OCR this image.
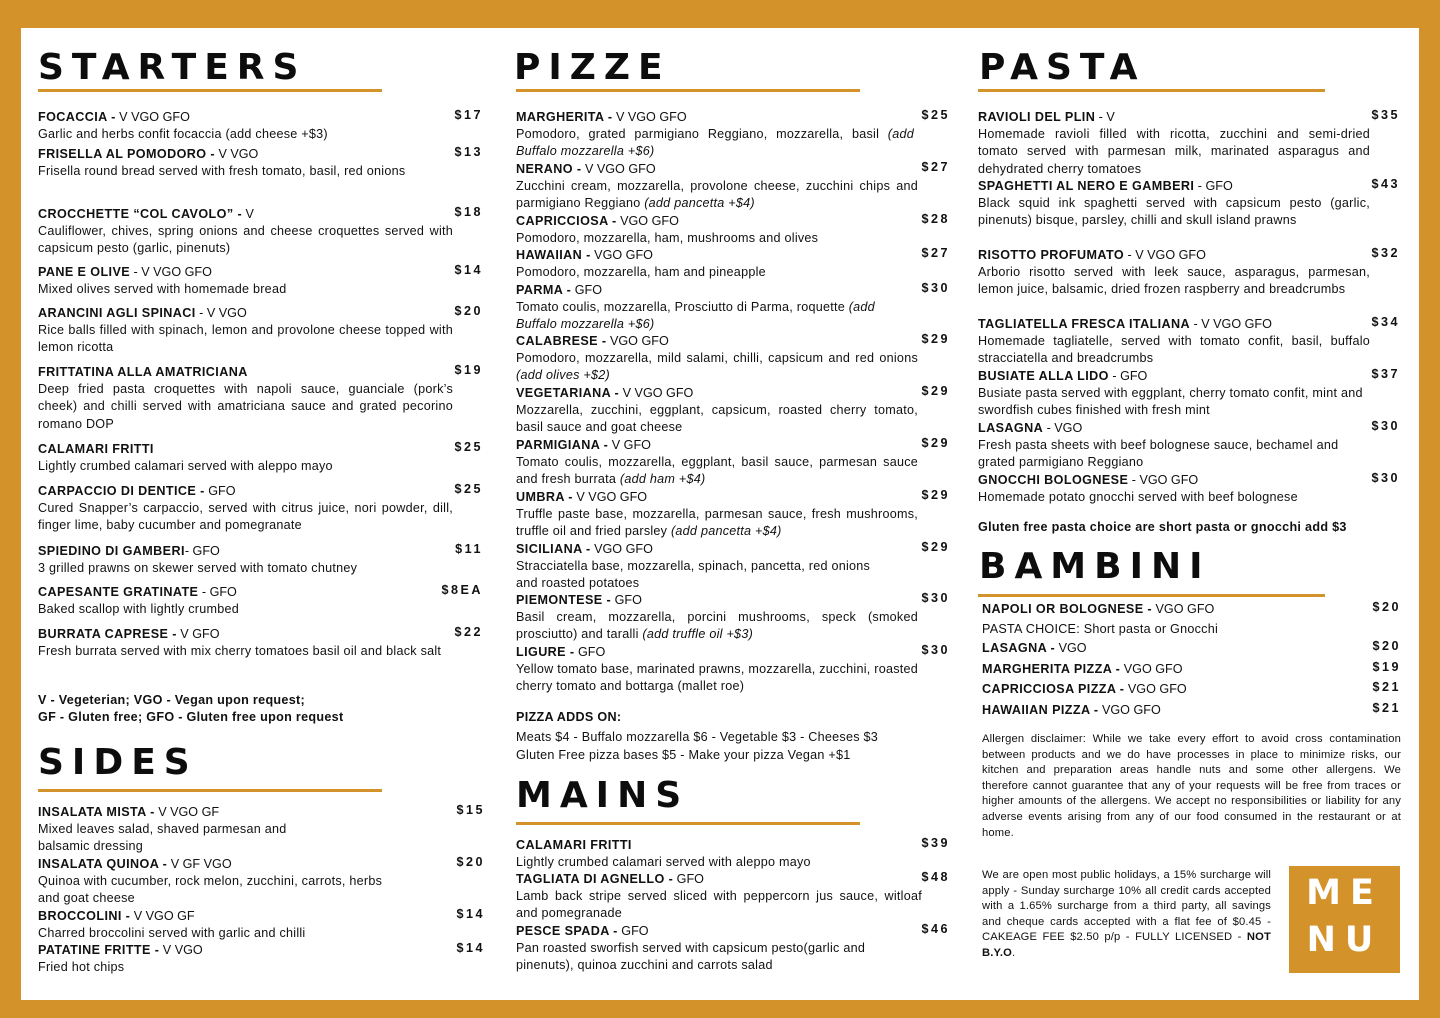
STARTERS
FOCACCIA - V VGO GFO	$17
Garlic and herbs confit focaccia (add cheese +$3)
FRISELLA AL POMODORO - V VGO	$13
Frisella round bread served with fresh tomato, basil, red onions
CROCCHETTE “COL CAVOLO” - V	$18
Cauliflower, chives, spring onions and cheese croquettes served with capsicum pesto (garlic, pinenuts)
PANE E OLIVE - V VGO GFO	$14
Mixed olives served with homemade bread
ARANCINI AGLI SPINACI - V VGO	$20
Rice balls filled with spinach, lemon and provolone cheese topped with lemon ricotta
FRITTATINA ALLA AMATRICIANA	$19
Deep fried pasta croquettes with napoli sauce, guanciale (pork’s cheek) and chilli served with amatriciana sauce and grated pecorino romano DOP
CALAMARI FRITTI	$25
Lightly crumbed calamari served with aleppo mayo
CARPACCIO DI DENTICE - GFO	$25
Cured Snapper’s carpaccio, served with citrus juice, nori powder, dill, finger lime, baby cucumber and pomegranate
SPIEDINO DI GAMBERI- GFO	$11
3 grilled prawns on skewer served with tomato chutney
CAPESANTE GRATINATE - GFO	$8EA
Baked scallop with lightly crumbed
BURRATA CAPRESE - V GFO	$22
Fresh burrata served with mix cherry tomatoes basil oil and black salt
V - Vegeterian; VGO - Vegan upon request;
GF - Gluten free; GFO - Gluten free upon request
SIDES
INSALATA MISTA - V VGO GF	$15
Mixed leaves salad, shaved parmesan and balsamic dressing
INSALATA QUINOA - V GF VGO	$20
Quinoa with cucumber, rock melon, zucchini, carrots, herbs and goat cheese
BROCCOLINI - V VGO GF	$14
Charred broccolini served with garlic and chilli
PATATINE FRITTE - V VGO	$14
Fried hot chips
PIZZE
MARGHERITA - V VGO GFO	$25
Pomodoro, grated parmigiano Reggiano, mozzarella, basil (add Buffalo mozzarella +$6)
NERANO - V VGO GFO	$27
Zucchini cream, mozzarella, provolone cheese, zucchini chips and parmigiano Reggiano (add pancetta +$4)
CAPRICCIOSA - VGO GFO	$28
Pomodoro, mozzarella, ham, mushrooms and olives
HAWAIIAN - VGO GFO	$27
Pomodoro, mozzarella, ham and pineapple
PARMA - GFO	$30
Tomato coulis, mozzarella, Prosciutto di Parma, roquette (add Buffalo mozzarella +$6)
CALABRESE - VGO GFO	$29
Pomodoro, mozzarella, mild salami, chilli, capsicum and red onions (add olives +$2)
VEGETARIANA - V VGO GFO	$29
Mozzarella, zucchini, eggplant, capsicum, roasted cherry tomato, basil sauce and goat cheese
PARMIGIANA - V GFO	$29
Tomato coulis, mozzarella, eggplant, basil sauce, parmesan sauce and fresh burrata (add ham +$4)
UMBRA - V VGO GFO	$29
Truffle paste base, mozzarella, parmesan sauce, fresh mushrooms, truffle oil and fried parsley (add pancetta +$4)
SICILIANA - VGO GFO	$29
Stracciatella base, mozzarella, spinach, pancetta, red onions and roasted potatoes
PIEMONTESE - GFO	$30
Basil cream, mozzarella, porcini mushrooms, speck (smoked prosciutto) and taralli (add truffle oil +$3)
LIGURE - GFO	$30
Yellow tomato base, marinated prawns, mozzarella, zucchini, roasted cherry tomato and bottarga (mallet roe)
PIZZA ADDS ON:
Meats $4 - Buffalo mozzarella $6 - Vegetable $3 - Cheeses $3
Gluten Free pizza bases $5 - Make your pizza Vegan +$1
MAINS
CALAMARI FRITTI	$39
Lightly crumbed calamari served with aleppo mayo
TAGLIATA DI AGNELLO - GFO	$48
Lamb back stripe served sliced with peppercorn jus sauce, witloaf and pomegranade
PESCE SPADA - GFO	$46
Pan roasted sworfish served with capsicum pesto(garlic and pinenuts), quinoa zucchini and carrots salad
PASTA
RAVIOLI DEL PLIN - V	$35
Homemade ravioli filled with ricotta, zucchini and semi-dried tomato served with parmesan milk, marinated asparagus and dehydrated cherry tomatoes
SPAGHETTI AL NERO E GAMBERI - GFO	$43
Black squid ink spaghetti served with capsicum pesto (garlic, pinenuts) bisque, parsley, chilli and skull island prawns
RISOTTO PROFUMATO - V VGO GFO	$32
Arborio risotto served with leek sauce, asparagus, parmesan, lemon juice, balsamic, dried frozen raspberry and breadcrumbs
TAGLIATELLA FRESCA ITALIANA - V VGO GFO	$34
Homemade tagliatelle, served with tomato confit, basil, buffalo stracciatella and breadcrumbs
BUSIATE ALLA LIDO - GFO	$37
Busiate pasta served with eggplant, cherry tomato confit, mint and swordfish cubes finished with fresh mint
LASAGNA - VGO	$30
Fresh pasta sheets with beef bolognese sauce, bechamel and grated parmigiano Reggiano
GNOCCHI BOLOGNESE - VGO GFO	$30
Homemade potato gnocchi served with beef bolognese
Gluten free pasta choice are short pasta or gnocchi add $3
BAMBINI
NAPOLI OR BOLOGNESE - VGO GFO	$20
PASTA CHOICE: Short pasta or Gnocchi
LASAGNA - VGO	$20
MARGHERITA PIZZA - VGO GFO	$19
CAPRICCIOSA PIZZA - VGO GFO	$21
HAWAIIAN PIZZA - VGO GFO	$21
Allergen disclaimer: While we take every effort to avoid cross contamination between products and we do have processes in place to minimize risks, our kitchen and preparation areas handle nuts and some other allergens. We therefore cannot guarantee that any of your requests will be free from traces or higher amounts of the allergens. We accept no responsibilities or liability for any adverse events arising from any of our food consumed in the restaurant or at home.
We are open most public holidays, a 15% surcharge will apply - Sunday surcharge 10% all credit cards accepted with a 1.65% surcharge from a third party, all savings and cheque cards accepted with a flat fee of $0.45 - CAKEAGE FEE $2.50 p/p - FULLY LICENSED - NOT B.Y.O.
ME
NU
